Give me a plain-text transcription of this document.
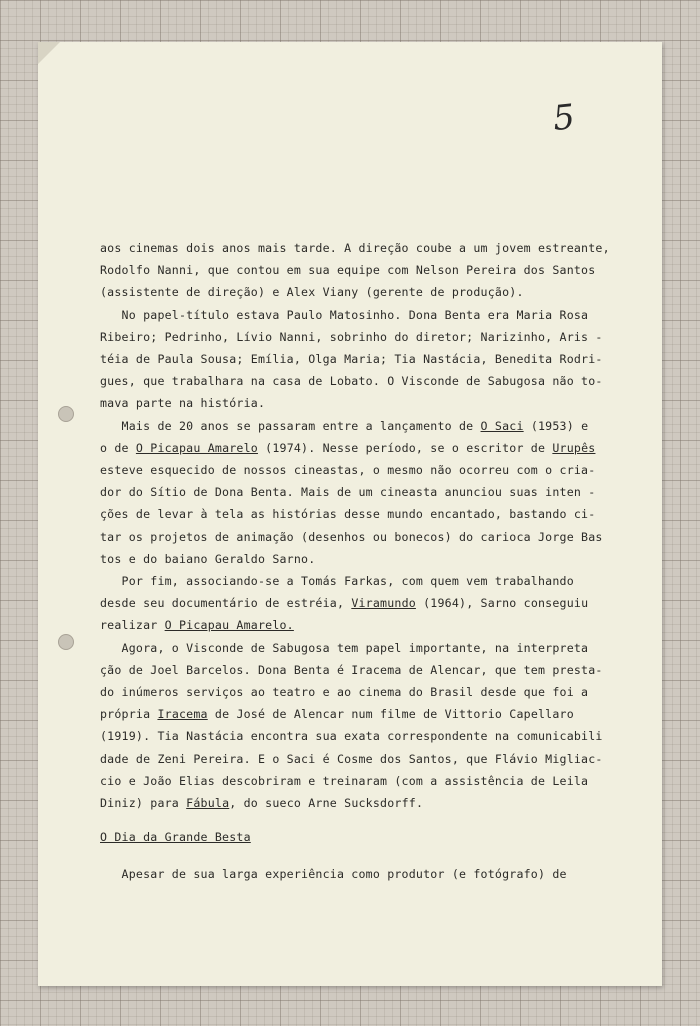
5
aos cinemas dois anos mais tarde. A direção coube a um jovem estreante,
Rodolfo Nanni, que contou em sua equipe com Nelson Pereira dos Santos
(assistente de direção) e Alex Viany (gerente de produção).
No papel-título estava Paulo Matosinho. Dona Benta era Maria Rosa
Ribeiro; Pedrinho, Lívio Nanni, sobrinho do diretor; Narizinho, Aris -
téia de Paula Sousa; Emília, Olga Maria; Tia Nastácia, Benedita Rodri-
gues, que trabalhara na casa de Lobato. O Visconde de Sabugosa não to-
mava parte na história.
Mais de 20 anos se passaram entre a lançamento de O Saci (1953) e
o de O Picapau Amarelo (1974). Nesse período, se o escritor de Urupês
esteve esquecido de nossos cineastas, o mesmo não ocorreu com o cria-
dor do Sítio de Dona Benta. Mais de um cineasta anunciou suas inten -
ções de levar à tela as histórias desse mundo encantado, bastando ci-
tar os projetos de animação (desenhos ou bonecos) do carioca Jorge Bas
tos e do baiano Geraldo Sarno.
Por fim, associando-se a Tomás Farkas, com quem vem trabalhando
desde seu documentário de estréia, Viramundo (1964), Sarno conseguiu
realizar O Picapau Amarelo.
Agora, o Visconde de Sabugosa tem papel importante, na interpreta
ção de Joel Barcelos. Dona Benta é Iracema de Alencar, que tem presta-
do inúmeros serviços ao teatro e ao cinema do Brasil desde que foi a
própria Iracema de José de Alencar num filme de Vittorio Capellaro
(1919). Tia Nastácia encontra sua exata correspondente na comunicabili
dade de Zeni Pereira. E o Saci é Cosme dos Santos, que Flávio Migliac-
cio e João Elias descobriram e treinaram (com a assistência de Leila
Diniz) para Fábula, do sueco Arne Sucksdorff.
O Dia da Grande Besta
Apesar de sua larga experiência como produtor (e fotógrafo) de
